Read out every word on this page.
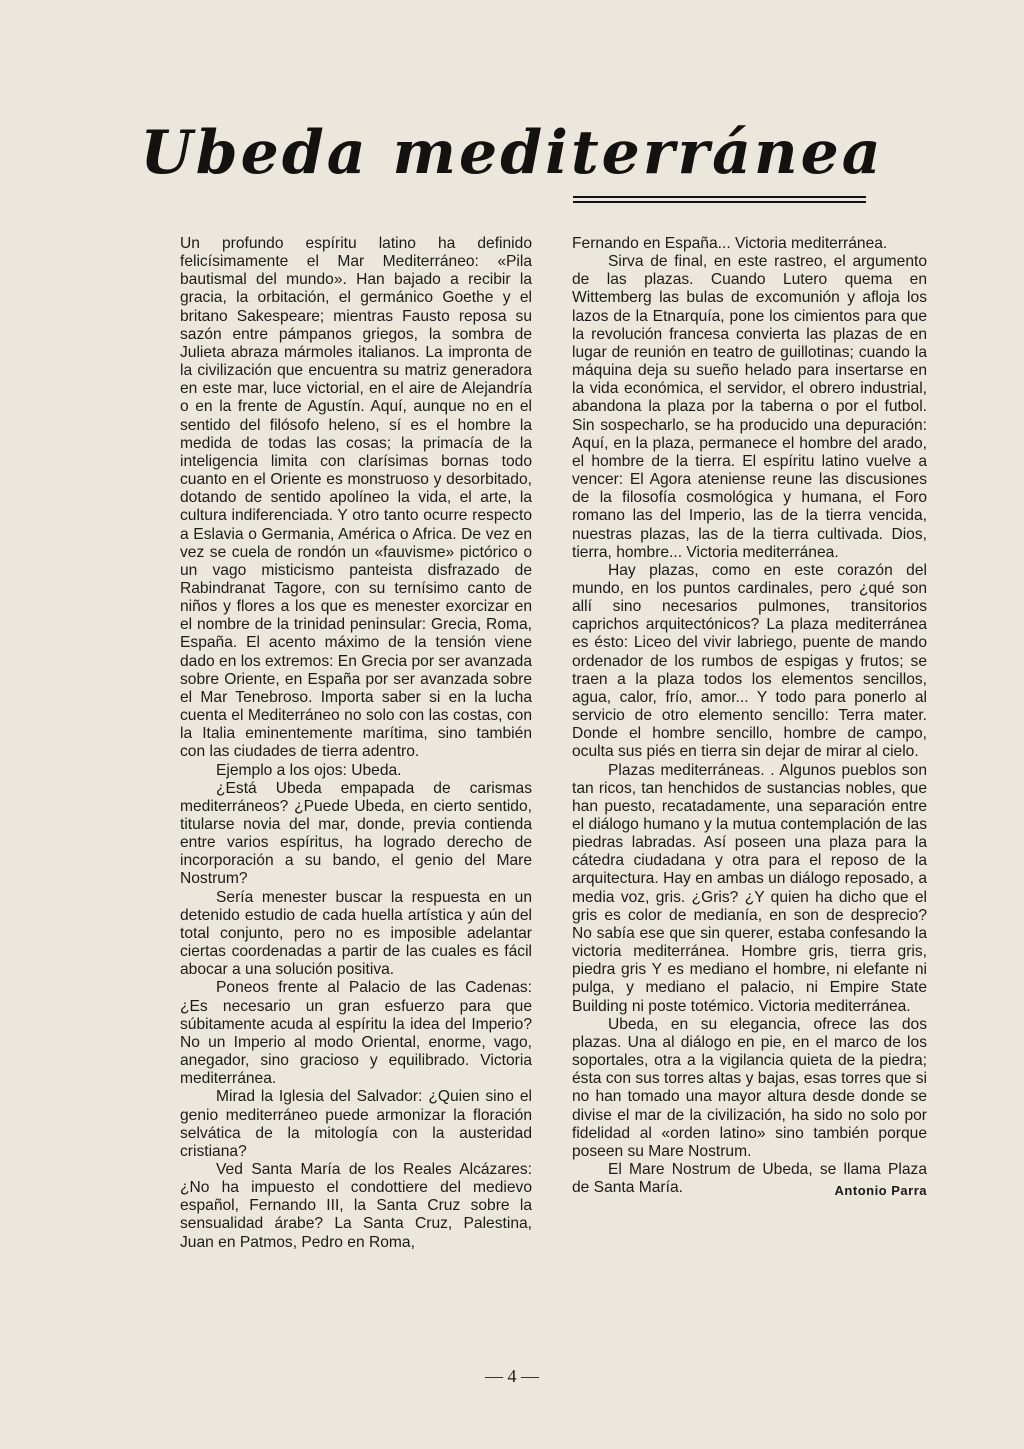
Ubeda mediterránea

Un profundo espíritu latino ha definido felicísimamente el Mar Mediterráneo: «Pila bautismal del mundo». Han bajado a recibir la gracia, la orbitación, el germánico Goethe y el britano Sakespeare; mientras Fausto reposa su sazón entre pámpanos griegos, la sombra de Julieta abraza mármoles italianos. La impronta de la civilización que encuentra su matriz generadora en este mar, luce victorial, en el aire de Alejandría o en la frente de Agustín. Aquí, aunque no en el sentido del filósofo heleno, sí es el hombre la medida de todas las cosas; la primacía de la inteligencia limita con clarísimas bornas todo cuanto en el Oriente es monstruoso y desorbitado, dotando de sentido apolíneo la vida, el arte, la cultura indiferenciada. Y otro tanto ocurre respecto a Eslavia o Germania, América o Africa. De vez en vez se cuela de rondón un «fauvisme» pictórico o un vago misticismo panteista disfrazado de Rabindranat Tagore, con su ternísimo canto de niños y flores a los que es menester exorcizar en el nombre de la trinidad peninsular: Grecia, Roma, España. El acento máximo de la tensión viene dado en los extremos: En Grecia por ser avanzada sobre Oriente, en España por ser avanzada sobre el Mar Tenebroso. Importa saber si en la lucha cuenta el Mediterráneo no solo con las costas, con la Italia eminentemente marítima, sino también con las ciudades de tierra adentro.

Ejemplo a los ojos: Ubeda.

¿Está Ubeda empapada de carismas mediterráneos? ¿Puede Ubeda, en cierto sentido, titularse novia del mar, donde, previa contienda entre varios espíritus, ha logrado derecho de incorporación a su bando, el genio del Mare Nostrum?

Sería menester buscar la respuesta en un detenido estudio de cada huella artística y aún del total conjunto, pero no es imposible adelantar ciertas coordenadas a partir de las cuales es fácil abocar a una solución positiva.

Poneos frente al Palacio de las Cadenas: ¿Es necesario un gran esfuerzo para que súbitamente acuda al espíritu la idea del Imperio? No un Imperio al modo Oriental, enorme, vago, anegador, sino gracioso y equilibrado. Victoria mediterránea.

Mirad la Iglesia del Salvador: ¿Quien sino el genio mediterráneo puede armonizar la floración selvática de la mitología con la austeridad cristiana?

Ved Santa María de los Reales Alcázares: ¿No ha impuesto el condottiere del medievo español, Fernando III, la Santa Cruz sobre la sensualidad árabe? La Santa Cruz, Palestina, Juan en Patmos, Pedro en Roma,

Fernando en España... Victoria mediterránea.

Sirva de final, en este rastreo, el argumento de las plazas. Cuando Lutero quema en Wittemberg las bulas de excomunión y afloja los lazos de la Etnarquía, pone los cimientos para que la revolución francesa convierta las plazas de en lugar de reunión en teatro de guillotinas; cuando la máquina deja su sueño helado para insertarse en la vida económica, el servidor, el obrero industrial, abandona la plaza por la taberna o por el futbol. Sin sospecharlo, se ha producido una depuración: Aquí, en la plaza, permanece el hombre del arado, el hombre de la tierra. El espíritu latino vuelve a vencer: El Agora ateniense reune las discusiones de la filosofía cosmológica y humana, el Foro romano las del Imperio, las de la tierra vencida, nuestras plazas, las de la tierra cultivada. Dios, tierra, hombre... Victoria mediterránea.

Hay plazas, como en este corazón del mundo, en los puntos cardinales, pero ¿qué son allí sino necesarios pulmones, transitorios caprichos arquitectónicos? La plaza mediterránea es ésto: Liceo del vivir labriego, puente de mando ordenador de los rumbos de espigas y frutos; se traen a la plaza todos los elementos sencillos, agua, calor, frío, amor... Y todo para ponerlo al servicio de otro elemento sencillo: Terra mater. Donde el hombre sencillo, hombre de campo, oculta sus piés en tierra sin dejar de mirar al cielo.

Plazas mediterráneas. . Algunos pueblos son tan ricos, tan henchidos de sustancias nobles, que han puesto, recatadamente, una separación entre el diálogo humano y la mutua contemplación de las piedras labradas. Así poseen una plaza para la cátedra ciudadana y otra para el reposo de la arquitectura. Hay en ambas un diálogo reposado, a media voz, gris. ¿Gris? ¿Y quien ha dicho que el gris es color de medianía, en son de desprecio? No sabía ese que sin querer, estaba confesando la victoria mediterránea. Hombre gris, tierra gris, piedra gris Y es mediano el hombre, ni elefante ni pulga, y mediano el palacio, ni Empire State Building ni poste totémico. Victoria mediterránea.

Ubeda, en su elegancia, ofrece las dos plazas. Una al diálogo en pie, en el marco de los soportales, otra a la vigilancia quieta de la piedra; ésta con sus torres altas y bajas, esas torres que si no han tomado una mayor altura desde donde se divise el mar de la civilización, ha sido no solo por fidelidad al «orden latino» sino también porque poseen su Mare Nostrum.

El Mare Nostrum de Ubeda, se llama Plaza de Santa María.	Antonio Parra

— 4 —
